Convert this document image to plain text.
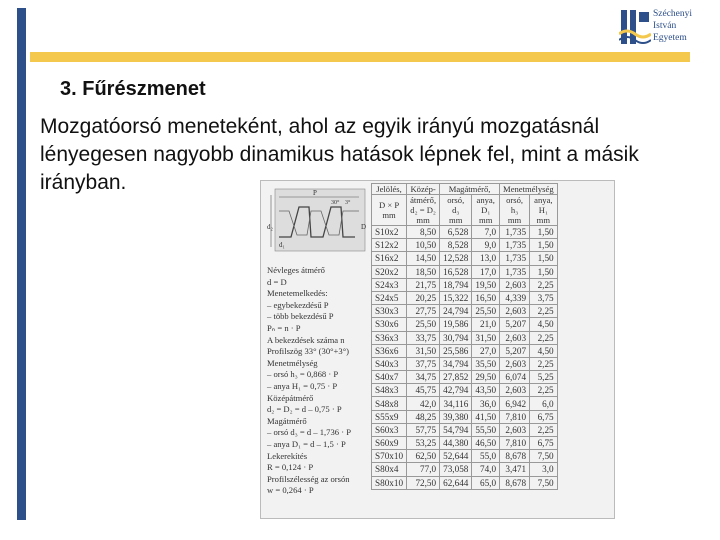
Széchenyi
István
Egyetem
3. Fűrészmenet
Mozgatóorsó meneteként, ahol az egyik irányú mozgatásnál lényegesen nagyobb dinamikus hatások lépnek fel, mint a másik irányban.
d₂	D
P
d₁
30° 3°
Névleges átmérő
d = D
Menetemelkedés:
– egybekezdésű P
– több bekezdésű P
Pₙ = n · P
A bekezdések száma n
Profilszög 33° (30°+3°)
Menetmélység
– orsó h₃ = 0,868 · P
– anya H₁ = 0,75 · P
Középátmérő
d₂ = D₂ = d – 0,75 · P
Magátmérő
– orsó d₃ = d – 1,736 · P
– anya D₁ = d – 1,5 · P
Lekerekítés
R = 0,124 · P
Profilszélesség az orsón
w = 0,264 · P
Jelölés,	Közép-	Magátmérő,		Menetmélység	
D × P
mm	átmérő,
d₂ = D₂
mm	orsó,
d₃
mm	anya,
D₁
mm	orsó,
h₃
mm	anya,
H₁
mm
S10x2	8,50	6,528	7,0	1,735	1,50
S12x2	10,50	8,528	9,0	1,735	1,50
S16x2	14,50	12,528	13,0	1,735	1,50
S20x2	18,50	16,528	17,0	1,735	1,50
S24x3	21,75	18,794	19,50	2,603	2,25
S24x5	20,25	15,322	16,50	4,339	3,75
S30x3	27,75	24,794	25,50	2,603	2,25
S30x6	25,50	19,586	21,0	5,207	4,50
S36x3	33,75	30,794	31,50	2,603	2,25
S36x6	31,50	25,586	27,0	5,207	4,50
S40x3	37,75	34,794	35,50	2,603	2,25
S40x7	34,75	27,852	29,50	6,074	5,25
S48x3	45,75	42,794	43,50	2,603	2,25
S48x8	42,0	34,116	36,0	6,942	6,0
S55x9	48,25	39,380	41,50	7,810	6,75
S60x3	57,75	54,794	55,50	2,603	2,25
S60x9	53,25	44,380	46,50	7,810	6,75
S70x10	62,50	52,644	55,0	8,678	7,50
S80x4	77,0	73,058	74,0	3,471	3,0
S80x10	72,50	62,644	65,0	8,678	7,50
